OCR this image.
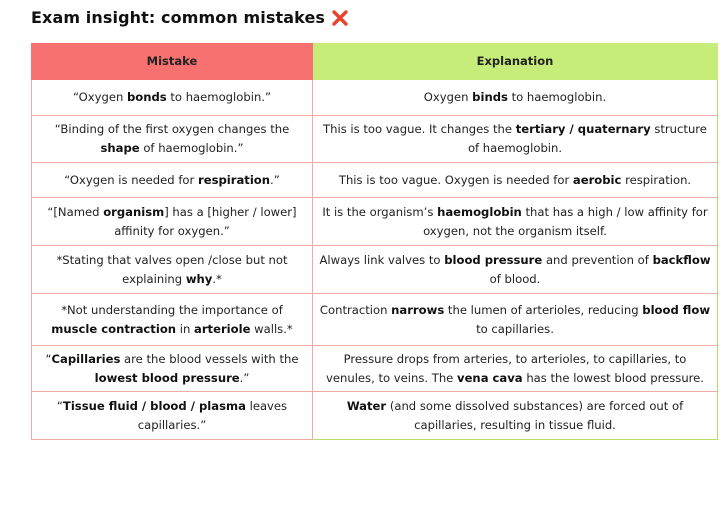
Exam insight: common mistakes
Mistake	Explanation
“Oxygen bonds to haemoglobin.”	Oxygen binds to haemoglobin.
“Binding of the first oxygen changes the shape of haemoglobin.”	This is too vague. It changes the tertiary / quaternary structure of haemoglobin.
“Oxygen is needed for respiration.”	This is too vague. Oxygen is needed for aerobic respiration.
“[Named organism] has a [higher / lower] affinity for oxygen.”	It is the organism’s haemoglobin that has a high / low affinity for oxygen, not the organism itself.
*Stating that valves open /close but not explaining why.*	Always link valves to blood pressure and prevention of backflow of blood.
*Not understanding the importance of muscle contraction in arteriole walls.*	Contraction narrows the lumen of arterioles, reducing blood flow to capillaries.
“Capillaries are the blood vessels with the lowest blood pressure.”	Pressure drops from arteries, to arterioles, to capillaries, to venules, to veins. The vena cava has the lowest blood pressure.
“Tissue fluid / blood / plasma leaves capillaries.”	Water (and some dissolved substances) are forced out of capillaries, resulting in tissue fluid.
